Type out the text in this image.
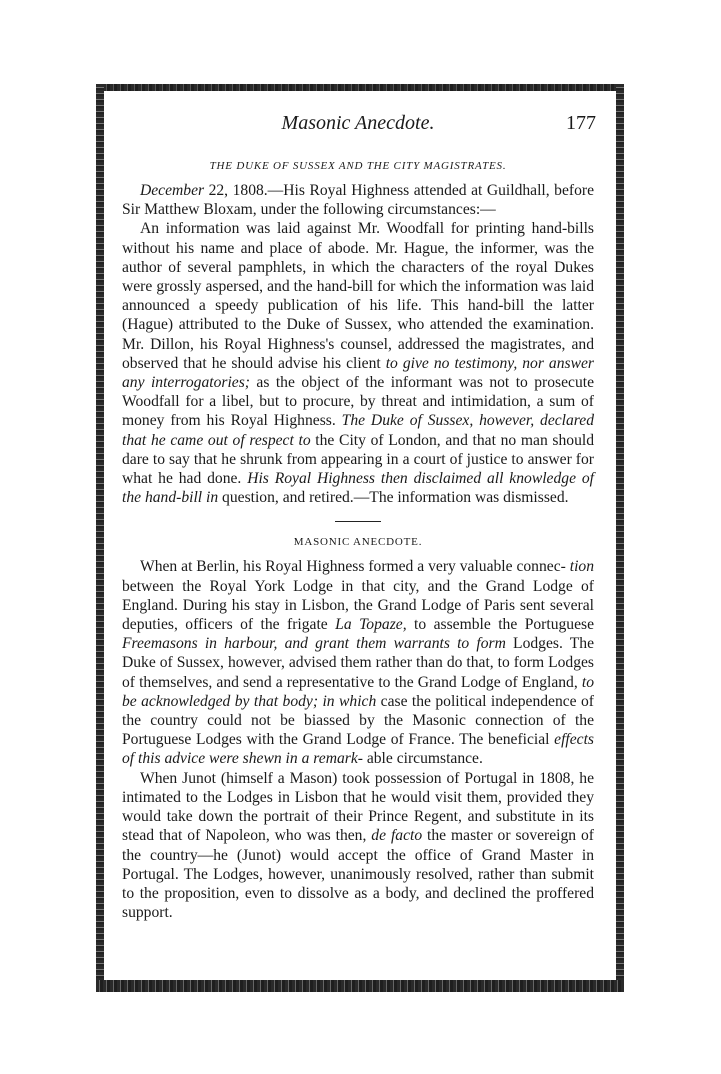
Masonic Anecdote.	177
THE DUKE OF SUSSEX AND THE CITY MAGISTRATES.

December 22, 1808.—His Royal Highness attended at Guildhall, before Sir Matthew Bloxam, under the following circumstances:—

An information was laid against Mr. Woodfall for printing hand-bills without his name and place of abode. Mr. Hague, the informer, was the author of several pamphlets, in which the characters of the royal Dukes were grossly aspersed, and the hand-bill for which the information was laid announced a speedy publication of his life. This hand-bill the latter (Hague) attributed to the Duke of Sussex, who attended the examination. Mr. Dillon, his Royal Highness's counsel, addressed the magistrates, and observed that he should advise his client to give no testimony, nor answer any interrogatories; as the object of the informant was not to prosecute Woodfall for a libel, but to procure, by threat and intimidation, a sum of money from his Royal Highness. The Duke of Sussex, however, declared that he came out of respect to the City of London, and that no man should dare to say that he shrunk from appearing in a court of justice to answer for what he had done. His Royal Highness then disclaimed all knowledge of the hand-bill in question, and retired.—The information was dismissed.

MASONIC ANECDOTE.

When at Berlin, his Royal Highness formed a very valuable connec- tion between the Royal York Lodge in that city, and the Grand Lodge of England. During his stay in Lisbon, the Grand Lodge of Paris sent several deputies, officers of the frigate La Topaze, to assemble the Portuguese Freemasons in harbour, and grant them warrants to form Lodges. The Duke of Sussex, however, advised them rather than do that, to form Lodges of themselves, and send a representative to the Grand Lodge of England, to be acknowledged by that body; in which case the political independence of the country could not be biassed by the Masonic connection of the Portuguese Lodges with the Grand Lodge of France. The beneficial effects of this advice were shewn in a remark- able circumstance.

When Junot (himself a Mason) took possession of Portugal in 1808, he intimated to the Lodges in Lisbon that he would visit them, provided they would take down the portrait of their Prince Regent, and substitute in its stead that of Napoleon, who was then, de facto the master or sovereign of the country—he (Junot) would accept the office of Grand Master in Portugal. The Lodges, however, unanimously resolved, rather than submit to the proposition, even to dissolve as a body, and declined the proffered support.
